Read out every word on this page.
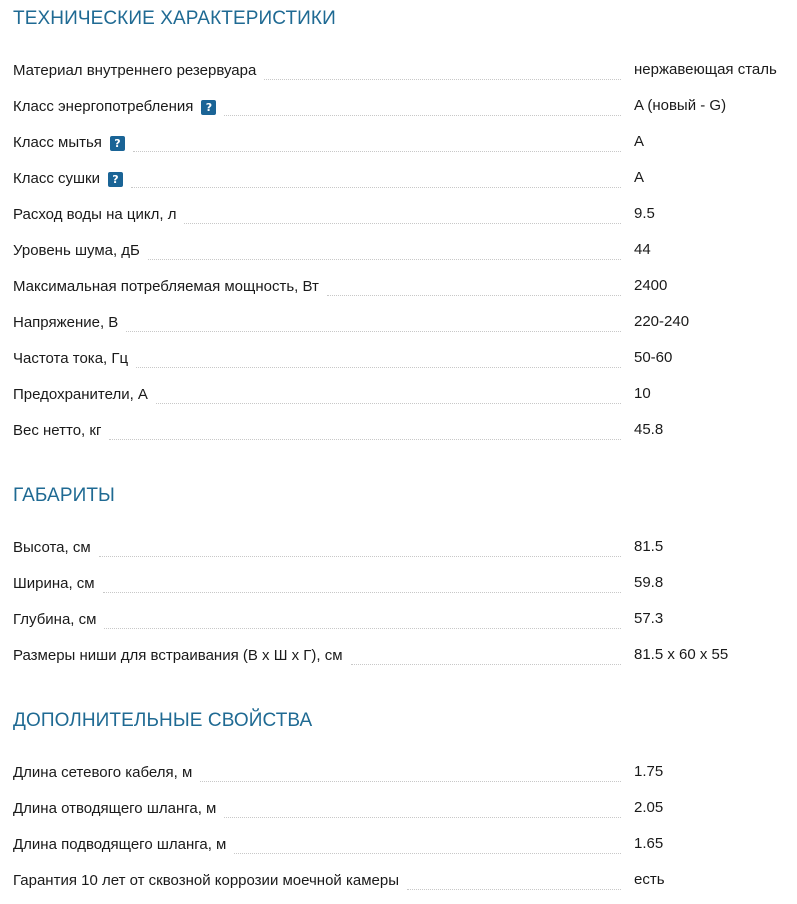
ТЕХНИЧЕСКИЕ ХАРАКТЕРИСТИКИ
Материал внутреннего резервуара	нержавеющая сталь
Класс энергопотребления	?	A (новый - G)
Класс мытья	?	A
Класс сушки	?	A
Расход воды на цикл, л	9.5
Уровень шума, дБ	44
Максимальная потребляемая мощность, Вт	2400
Напряжение, В	220-240
Частота тока, Гц	50-60
Предохранители, А	10
Вес нетто, кг	45.8
ГАБАРИТЫ
Высота, см	81.5
Ширина, см	59.8
Глубина, см	57.3
Размеры ниши для встраивания (В х Ш х Г), см	81.5 x 60 x 55
ДОПОЛНИТЕЛЬНЫЕ СВОЙСТВА
Длина сетевого кабеля, м	1.75
Длина отводящего шланга, м	2.05
Длина подводящего шланга, м	1.65
Гарантия 10 лет от сквозной коррозии моечной камеры	есть
